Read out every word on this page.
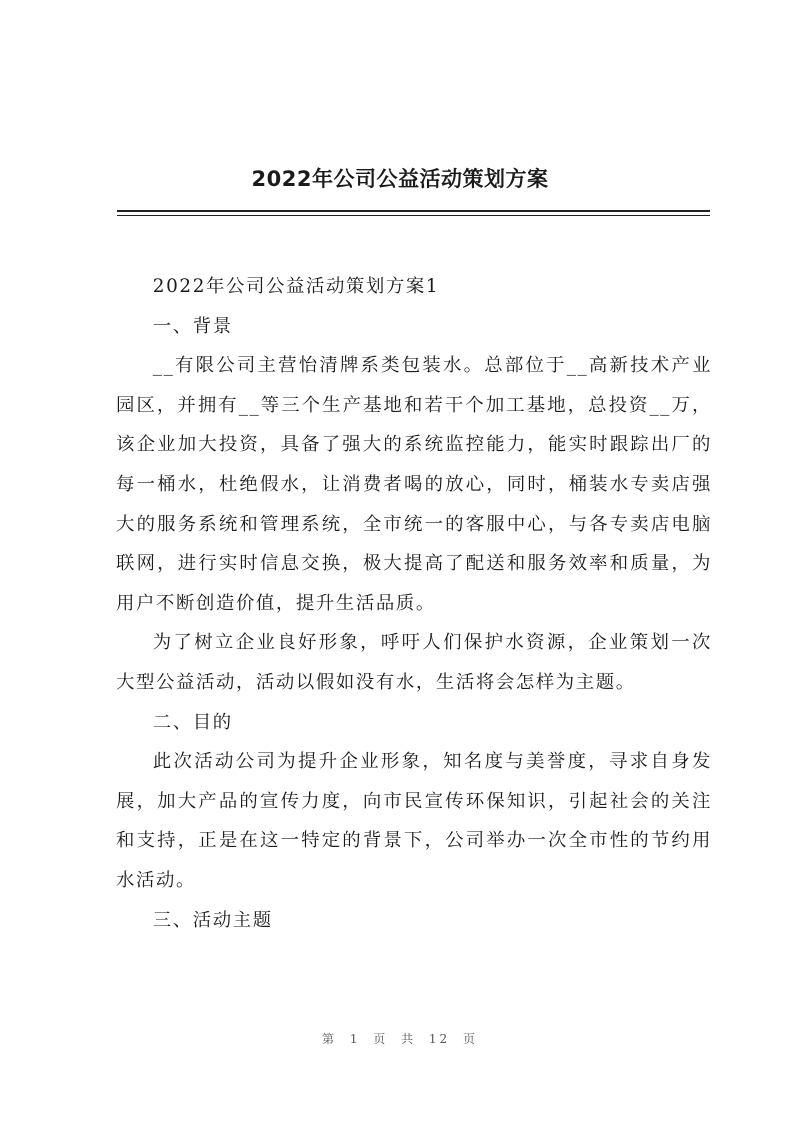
2022年公司公益活动策划方案

2022年公司公益活动策划方案1

一、背景

__有限公司主营怡清牌系类包装水。总部位于__高新技术产业园区，并拥有__等三个生产基地和若干个加工基地，总投资__万，该企业加大投资，具备了强大的系统监控能力，能实时跟踪出厂的每一桶水，杜绝假水，让消费者喝的放心，同时，桶装水专卖店强大的服务系统和管理系统，全市统一的客服中心，与各专卖店电脑联网，进行实时信息交换，极大提高了配送和服务效率和质量，为用户不断创造价值，提升生活品质。

为了树立企业良好形象，呼吁人们保护水资源，企业策划一次大型公益活动，活动以假如没有水，生活将会怎样为主题。

二、目的

此次活动公司为提升企业形象，知名度与美誉度，寻求自身发展，加大产品的宣传力度，向市民宣传环保知识，引起社会的关注和支持，正是在这一特定的背景下，公司举办一次全市性的节约用水活动。

三、活动主题

第 1 页 共 12 页
